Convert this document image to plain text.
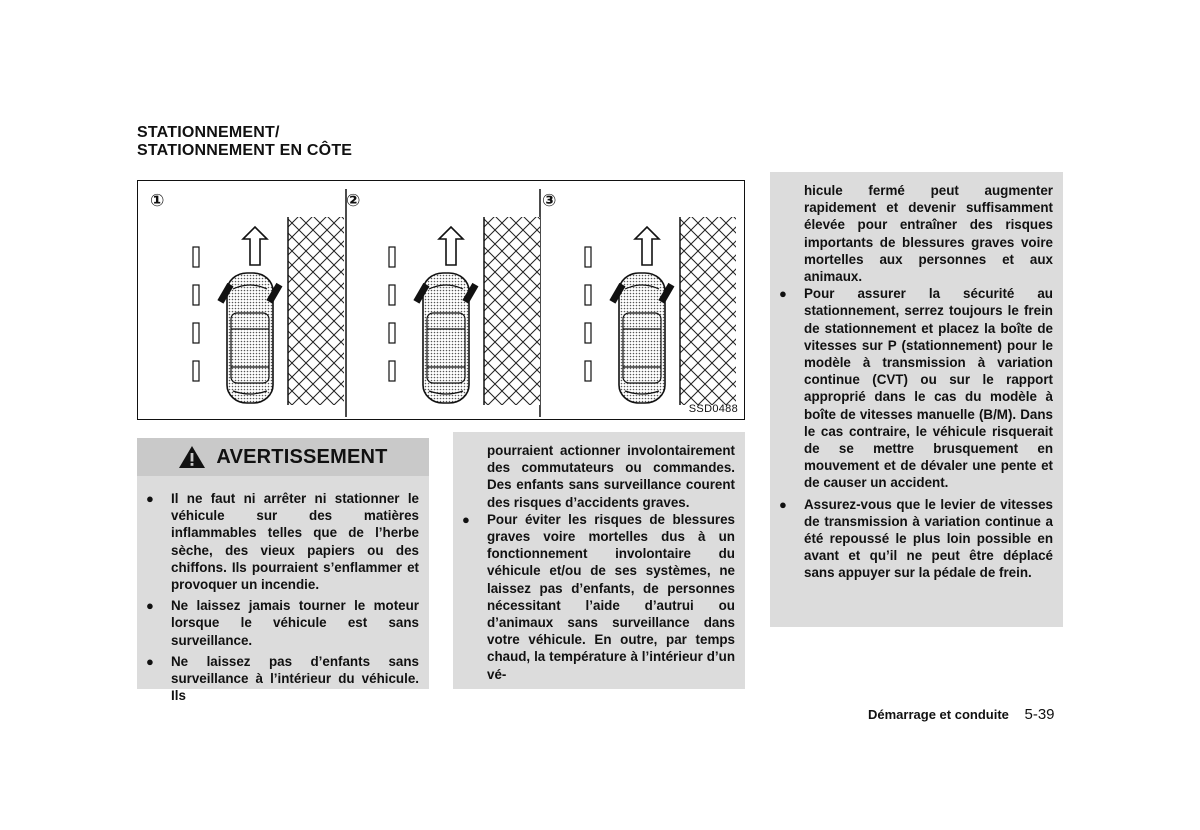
STATIONNEMENT/
STATIONNEMENT EN CÔTE
①	②	③
SSD0488
AVERTISSEMENT
● Il ne faut ni arrêter ni stationner le véhicule sur des matières inflammables telles que de l’herbe sèche, des vieux papiers ou des chiffons. Ils pourraient s’enflammer et provoquer un incendie.
● Ne laissez jamais tourner le moteur lorsque le véhicule est sans surveillance.
● Ne laissez pas d’enfants sans surveillance à l’intérieur du véhicule. Ils

pourraient actionner involontairement des commutateurs ou commandes. Des enfants sans surveillance courent des risques d’accidents graves.

● Pour éviter les risques de blessures graves voire mortelles dus à un fonctionnement involontaire du véhicule et/ou de ses systèmes, ne laissez pas d’enfants, de personnes nécessitant l’aide d’autrui ou d’animaux sans surveillance dans votre véhicule. En outre, par temps chaud, la température à l’intérieur d’un vé-

hicule fermé peut augmenter rapidement et devenir suffisamment élevée pour entraîner des risques importants de blessures graves voire mortelles aux personnes et aux animaux.

● Pour assurer la sécurité au stationnement, serrez toujours le frein de stationnement et placez la boîte de vitesses sur P (stationnement) pour le modèle à transmission à variation continue (CVT) ou sur le rapport approprié dans le cas du modèle à boîte de vitesses manuelle (B/M). Dans le cas contraire, le véhicule risquerait de se mettre brusquement en mouvement et de dévaler une pente et de causer un accident.
● Assurez-vous que le levier de vitesses de transmission à variation continue a été repoussé le plus loin possible en avant et qu’il ne peut être déplacé sans appuyer sur la pédale de frein.
Démarrage et conduite 5-39
